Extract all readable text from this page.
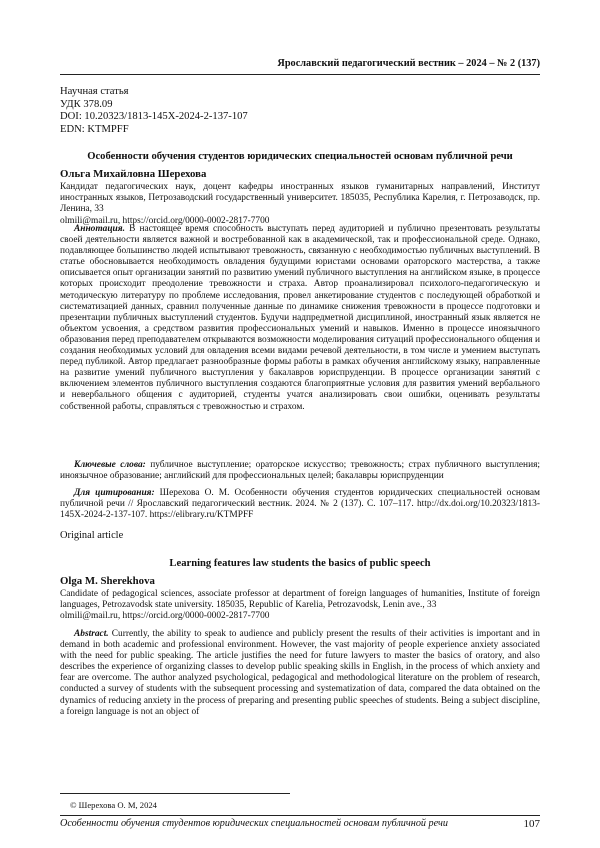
Ярославский педагогический вестник – 2024 – № 2 (137)
Научная статья
УДК 378.09
DOI: 10.20323/1813-145X-2024-2-137-107
EDN: KTMPFF
Особенности обучения студентов юридических специальностей основам публичной речи
Ольга Михайловна Шерехова
Кандидат педагогических наук, доцент кафедры иностранных языков гуманитарных направлений, Институт иностранных языков, Петрозаводский государственный университет. 185035, Республика Карелия, г. Петрозаводск, пр. Ленина, 33
olmili@mail.ru, https://orcid.org/0000-0002-2817-7700
Аннотация. В настоящее время способность выступать перед аудиторией и публично презентовать результаты своей деятельности является важной и востребованной как в академической, так и профессиональной среде. Однако, подавляющее большинство людей испытывают тревожность, связанную с необходимостью публичных выступлений. В статье обосновывается необходимость овладения будущими юристами основами ораторского мастерства, а также описывается опыт организации занятий по развитию умений публичного выступления на английском языке, в процессе которых происходит преодоление тревожности и страха. Автор проанализировал психолого-педагогическую и методическую литературу по проблеме исследования, провел анкетирование студентов с последующей обработкой и систематизацией данных, сравнил полученные данные по динамике снижения тревожности в процессе подготовки и презентации публичных выступлений студентов. Будучи надпредметной дисциплиной, иностранный язык является не объектом усвоения, а средством развития профессиональных умений и навыков. Именно в процессе иноязычного образования перед преподавателем открываются возможности моделирования ситуаций профессионального общения и создания необходимых условий для овладения всеми видами речевой деятельности, в том числе и умением выступать перед публикой. Автор предлагает разнообразные формы работы в рамках обучения английскому языку, направленные на развитие умений публичного выступления у бакалавров юриспруденции. В процессе организации занятий с включением элементов публичного выступления создаются благоприятные условия для развития умений вербального и невербального общения с аудиторией, студенты учатся анализировать свои ошибки, оценивать результаты собственной работы, справляться с тревожностью и страхом.
Ключевые слова: публичное выступление; ораторское искусство; тревожность; страх публичного выступления; иноязычное образование; английский для профессиональных целей; бакалавры юриспруденции
Для цитирования: Шерехова О. М. Особенности обучения студентов юридических специальностей основам публичной речи // Ярославский педагогический вестник. 2024. № 2 (137). С. 107–117. http://dx.doi.org/10.20323/1813-145X-2024-2-137-107. https://elibrary.ru/KTMPFF
Original article
Learning features law students the basics of public speech
Olga M. Sherekhova
Candidate of pedagogical sciences, associate professor at department of foreign languages of humanities, Institute of foreign languages, Petrozavodsk state university. 185035, Republic of Karelia, Petrozavodsk, Lenin ave., 33
olmili@mail.ru, https://orcid.org/0000-0002-2817-7700
Abstract. Currently, the ability to speak to audience and publicly present the results of their activities is important and in demand in both academic and professional environment. However, the vast majority of people experience anxiety associated with the need for public speaking. The article justifies the need for future lawyers to master the basics of oratory, and also describes the experience of organizing classes to develop public speaking skills in English, in the process of which anxiety and fear are overcome. The author analyzed psychological, pedagogical and methodological literature on the problem of research, conducted a survey of students with the subsequent processing and systematization of data, compared the data obtained on the dynamics of reducing anxiety in the process of preparing and presenting public speeches of students. Being a subject discipline, a foreign language is not an object of
© Шерехова О. М, 2024
Особенности обучения студентов юридических специальностей основам публичной речи	107
